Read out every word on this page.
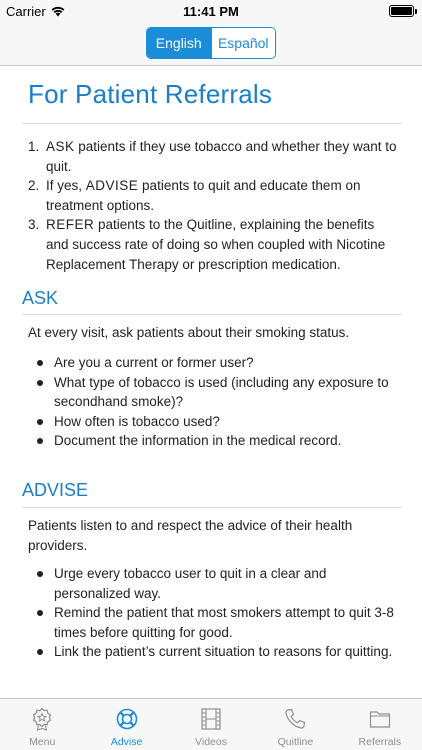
Carrier	11:41 PM
English	Español
For Patient Referrals
1. ASK patients if they use tobacco and whether they want to quit.
2. If yes, ADVISE patients to quit and educate them on treatment options.
3. REFER patients to the Quitline, explaining the benefits and success rate of doing so when coupled with Nicotine Replacement Therapy or prescription medication.
ASK

At every visit, ask patients about their smoking status.

Are you a current or former user?
What type of tobacco is used (including any exposure to secondhand smoke)?
How often is tobacco used?
Document the information in the medical record.
ADVISE

Patients listen to and respect the advice of their health providers.

Urge every tobacco user to quit in a clear and personalized way.
Remind the patient that most smokers attempt to quit 3-8 times before quitting for good.
Link the patient’s current situation to reasons for quitting.
Menu	Advise	Videos	Quitline	Referrals
